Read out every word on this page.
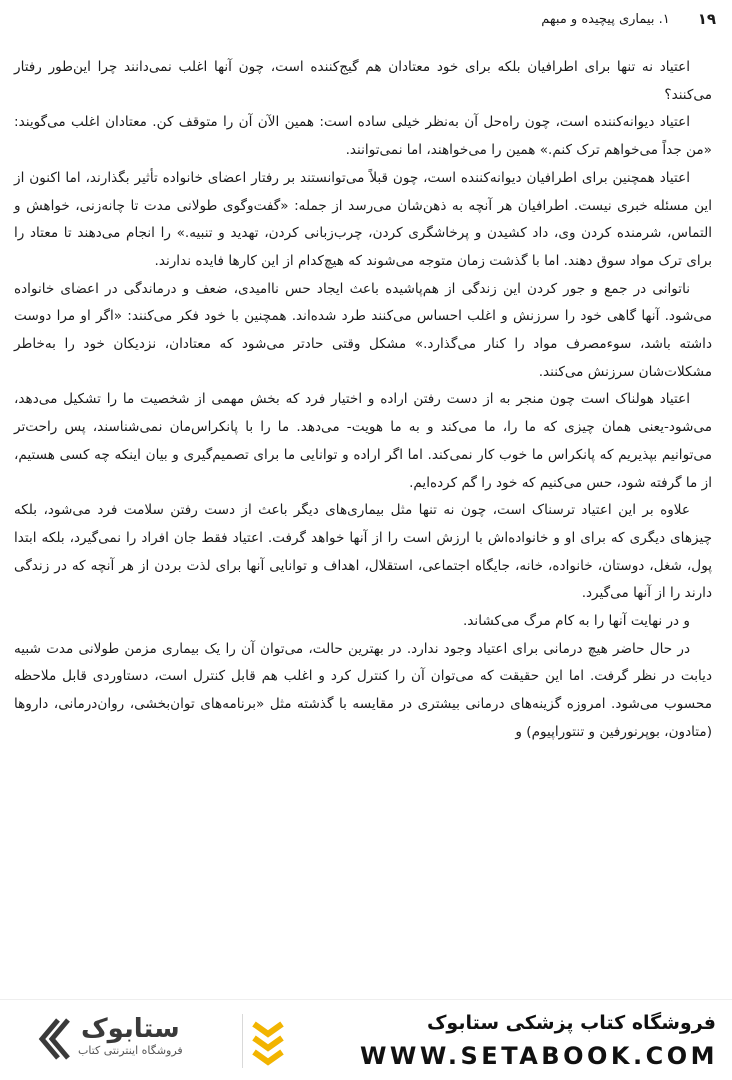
۱۹
۱. بیماری پیچیده و مبهم

اعتیاد نه تنها برای اطرافیان بلکه برای خود معتادان هم گیج‌کننده است، چون آنها اغلب نمی‌دانند چرا این‌طور رفتار می‌کنند؟

اعتیاد دیوانه‌کننده است، چون راه‌حل آن به‌نظر خیلی ساده است: همین الآن آن را متوقف کن. معتادان اغلب می‌گویند: «من جداً می‌خواهم ترک کنم.» همین را می‌خواهند، اما نمی‌توانند.

اعتیاد همچنین برای اطرافیان دیوانه‌کننده است، چون قبلاً می‌توانستند بر رفتار اعضای خانواده تأثیر بگذارند، اما اکنون از این مسئله خبری نیست. اطرافیان هر آنچه به ذهن‌شان می‌رسد از جمله: «گفت‌وگوی طولانی مدت تا چانه‌زنی، خواهش و التماس، شرمنده کردن وی، داد کشیدن و پرخاشگری کردن، چرب‌زبانی کردن، تهدید و تنبیه.» را انجام می‌دهند تا معتاد را برای ترک مواد سوق دهند. اما با گذشت زمان متوجه می‌شوند که هیچ‌کدام از این کارها فایده ندارند.

ناتوانی در جمع و جور کردن این زندگی از هم‌پاشیده باعث ایجاد حس ناامیدی، ضعف و درماندگی در اعضای خانواده می‌شود. آنها گاهی خود را سرزنش و اغلب احساس می‌کنند طرد شده‌اند. همچنین با خود فکر می‌کنند: «اگر او مرا دوست داشته باشد، سوءمصرف مواد را کنار می‌گذارد.» مشکل وقتی حادتر می‌شود که معتادان، نزدیکان خود را به‌خاطر مشکلات‌شان سرزنش می‌کنند.

اعتیاد هولناک است چون منجر به از دست رفتن اراده و اختیار فرد که بخش مهمی از شخصیت ما را تشکیل می‌دهد، می‌شود-یعنی همان چیزی که ما را، ما می‌کند و به ما هویت- می‌دهد. ما را با پانکراس‌مان نمی‌شناسند، پس راحت‌تر می‌توانیم بپذیریم که پانکراس ما خوب کار نمی‌کند. اما اگر اراده و توانایی ما برای تصمیم‌گیری و بیان اینکه چه کسی هستیم، از ما گرفته شود، حس می‌کنیم که خود را گم کرده‌ایم.

علاوه بر این اعتیاد ترسناک است، چون نه تنها مثل بیماری‌های دیگر باعث از دست رفتن سلامت فرد می‌شود، بلکه چیزهای دیگری که برای او و خانواده‌اش با ارزش است را از آنها خواهد گرفت. اعتیاد فقط جان افراد را نمی‌گیرد، بلکه ابتدا پول، شغل، دوستان، خانواده، خانه، جایگاه اجتماعی، استقلال، اهداف و توانایی آنها برای لذت بردن از هر آنچه که در زندگی دارند را از آنها می‌گیرد.

و در نهایت آنها را به کام مرگ می‌کشاند.

در حال حاضر هیچ درمانی برای اعتیاد وجود ندارد. در بهترین حالت، می‌توان آن را یک بیماری مزمن طولانی مدت شبیه دیابت در نظر گرفت. اما این حقیقت که می‌توان آن را کنترل کرد و اغلب هم قابل کنترل است، دستاوردی قابل ملاحظه محسوب می‌شود. امروزه گزینه‌های درمانی بیشتری در مقایسه با گذشته مثل «برنامه‌های توان‌بخشی، روان‌درمانی، داروها (متادون، بوپرنورفین و تنتوراپیوم) و

ستابوک
فروشگاه اینترنتی کتاب
فروشگاه کتاب پزشکی ستابوک
WWW.SETABOOK.COM
